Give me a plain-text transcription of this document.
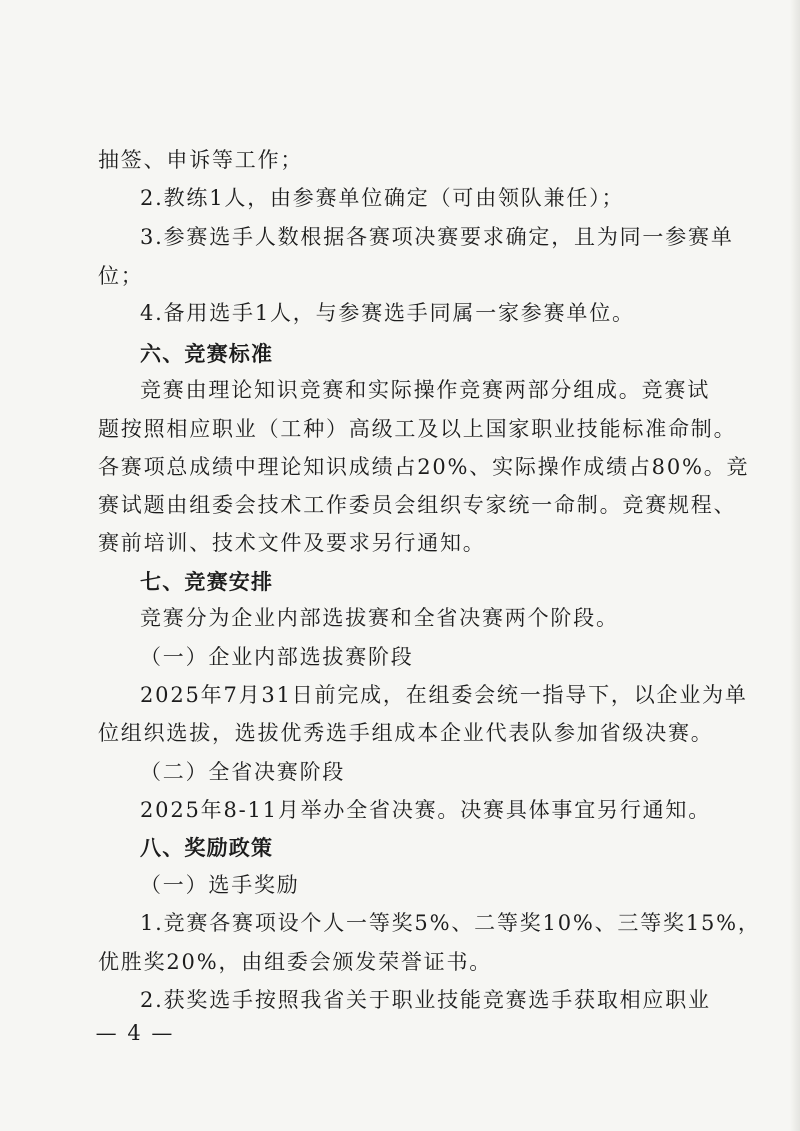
抽签、申诉等工作；
2.教练1人，由参赛单位确定（可由领队兼任）；
3.参赛选手人数根据各赛项决赛要求确定，且为同一参赛单
位；
4.备用选手1人，与参赛选手同属一家参赛单位。
六、竞赛标准
竞赛由理论知识竞赛和实际操作竞赛两部分组成。竞赛试
题按照相应职业（工种）高级工及以上国家职业技能标准命制。
各赛项总成绩中理论知识成绩占20%、实际操作成绩占80%。竞
赛试题由组委会技术工作委员会组织专家统一命制。竞赛规程、
赛前培训、技术文件及要求另行通知。
七、竞赛安排
竞赛分为企业内部选拔赛和全省决赛两个阶段。
（一）企业内部选拔赛阶段
2025年7月31日前完成，在组委会统一指导下，以企业为单
位组织选拔，选拔优秀选手组成本企业代表队参加省级决赛。
（二）全省决赛阶段
2025年8-11月举办全省决赛。决赛具体事宜另行通知。
八、奖励政策
（一）选手奖励
1.竞赛各赛项设个人一等奖5%、二等奖10%、三等奖15%，
优胜奖20%，由组委会颁发荣誉证书。
2.获奖选手按照我省关于职业技能竞赛选手获取相应职业
— 4 —
